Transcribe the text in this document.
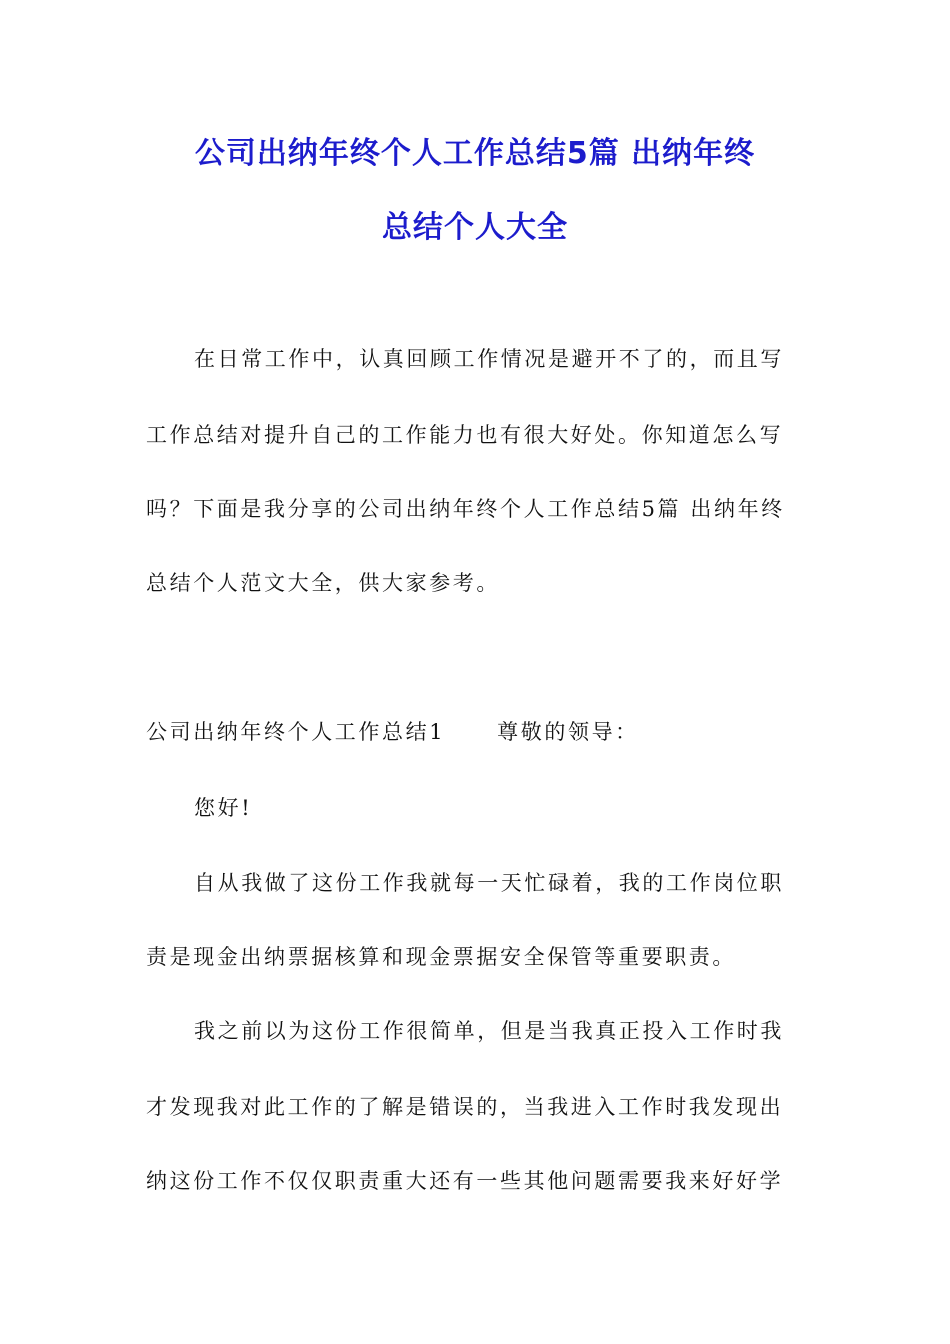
公司出纳年终个人工作总结5篇 出纳年终
总结个人大全
在日常工作中，认真回顾工作情况是避开不了的，而且写
工作总结对提升自己的工作能力也有很大好处。你知道怎么写
吗？下面是我分享的公司出纳年终个人工作总结5篇 出纳年终
总结个人范文大全，供大家参考。
公司出纳年终个人工作总结1 尊敬的领导：
您好!
自从我做了这份工作我就每一天忙碌着，我的工作岗位职
责是现金出纳票据核算和现金票据安全保管等重要职责。
我之前以为这份工作很简单，但是当我真正投入工作时我
才发现我对此工作的了解是错误的，当我进入工作时我发现出
纳这份工作不仅仅职责重大还有一些其他问题需要我来好好学
